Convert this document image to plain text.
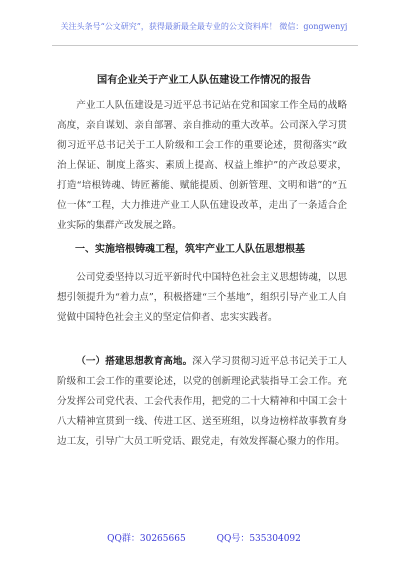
关注头条号“公文研究”，获得最新最全最专业的公文资料库！ 微信：gongwenyj
国有企业关于产业工人队伍建设工作情况的报告

产业工人队伍建设是习近平总书记站在党和国家工作全局的战略高度，亲自谋划、亲自部署、亲自推动的重大改革。公司深入学习贯彻习近平总书记关于工人阶级和工会工作的重要论述，贯彻落实“政治上保证、制度上落实、素质上提高、权益上维护”的产改总要求，打造“培根铸魂、铸匠蓄能、赋能提质、创新管理、文明和谐”的“五位一体”工程，大力推进产业工人队伍建设改革，走出了一条适合企业实际的集群产改发展之路。

一、实施培根铸魂工程，筑牢产业工人队伍思想根基

公司党委坚持以习近平新时代中国特色社会主义思想铸魂，以思想引领提升为“着力点”，积极搭建“三个基地”，组织引导产业工人自觉做中国特色社会主义的坚定信仰者、忠实实践者。

（一）搭建思想教育高地。深入学习贯彻习近平总书记关于工人阶级和工会工作的重要论述，以党的创新理论武装指导工会工作。充分发挥公司党代表、工会代表作用，把党的二十大精神和中国工会十八大精神宣贯到一线、传进工区、送至班组，以身边榜样故事教育身边工友，引导广大员工听党话、跟党走，有效发挥凝心聚力的作用。

QQ群：30265665	QQ号：535304092
